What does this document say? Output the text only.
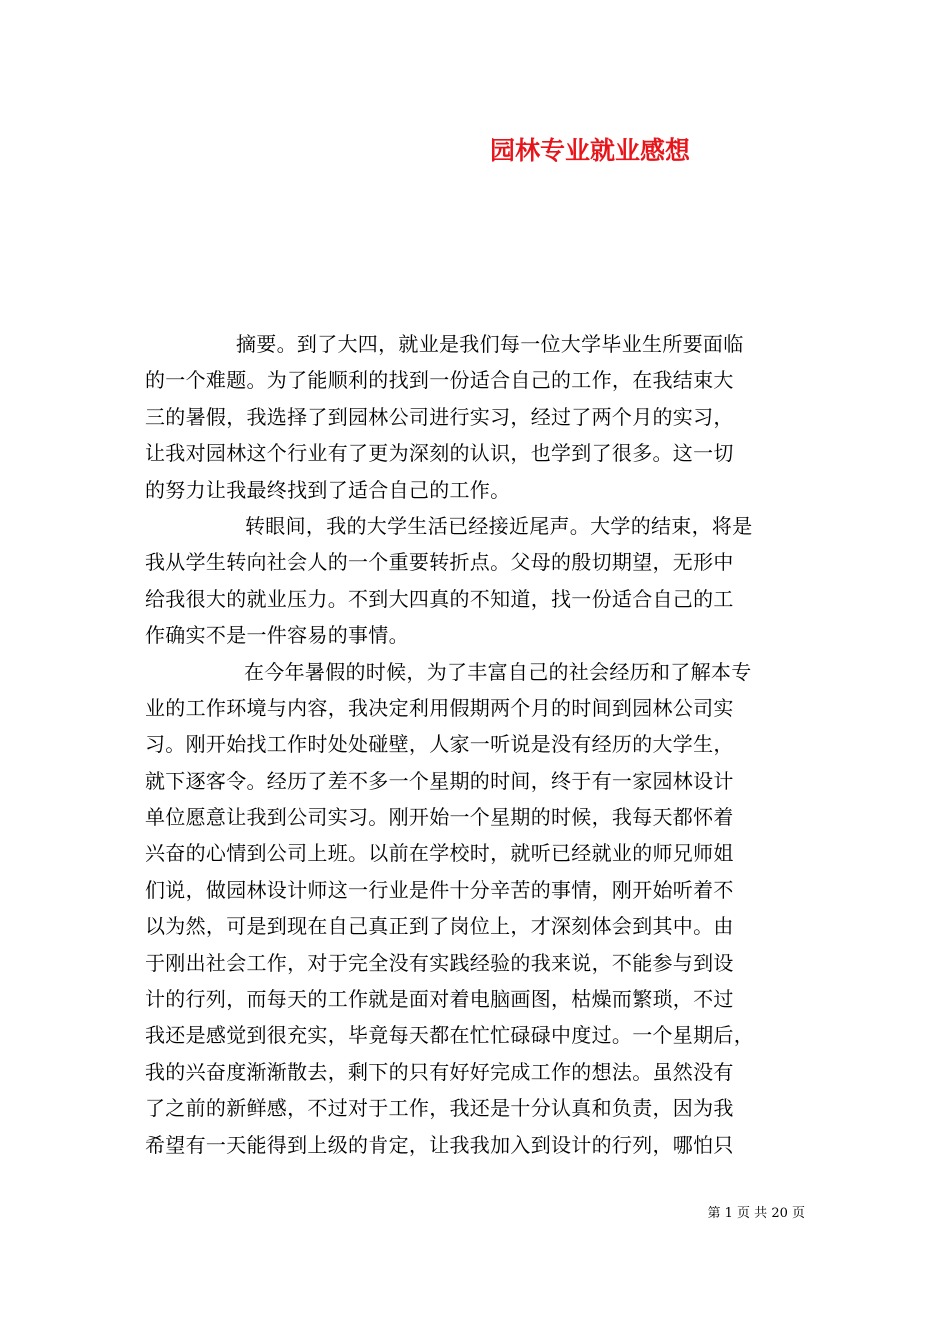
园林专业就业感想
摘要。到了大四，就业是我们每一位大学毕业生所要面临
的一个难题。为了能顺利的找到一份适合自己的工作，在我结束大
三的暑假，我选择了到园林公司进行实习，经过了两个月的实习，
让我对园林这个行业有了更为深刻的认识，也学到了很多。这一切
的努力让我最终找到了适合自己的工作。
转眼间，我的大学生活已经接近尾声。大学的结束，将是
我从学生转向社会人的一个重要转折点。父母的殷切期望，无形中
给我很大的就业压力。不到大四真的不知道，找一份适合自己的工
作确实不是一件容易的事情。
在今年暑假的时候，为了丰富自己的社会经历和了解本专
业的工作环境与内容，我决定利用假期两个月的时间到园林公司实
习。刚开始找工作时处处碰壁，人家一听说是没有经历的大学生，
就下逐客令。经历了差不多一个星期的时间，终于有一家园林设计
单位愿意让我到公司实习。刚开始一个星期的时候，我每天都怀着
兴奋的心情到公司上班。以前在学校时，就听已经就业的师兄师姐
们说，做园林设计师这一行业是件十分辛苦的事情，刚开始听着不
以为然，可是到现在自己真正到了岗位上，才深刻体会到其中。由
于刚出社会工作，对于完全没有实践经验的我来说，不能参与到设
计的行列，而每天的工作就是面对着电脑画图，枯燥而繁琐，不过
我还是感觉到很充实，毕竟每天都在忙忙碌碌中度过。一个星期后，
我的兴奋度渐渐散去，剩下的只有好好完成工作的想法。虽然没有
了之前的新鲜感，不过对于工作，我还是十分认真和负责，因为我
希望有一天能得到上级的肯定，让我我加入到设计的行列，哪怕只
第 1 页 共 20 页
